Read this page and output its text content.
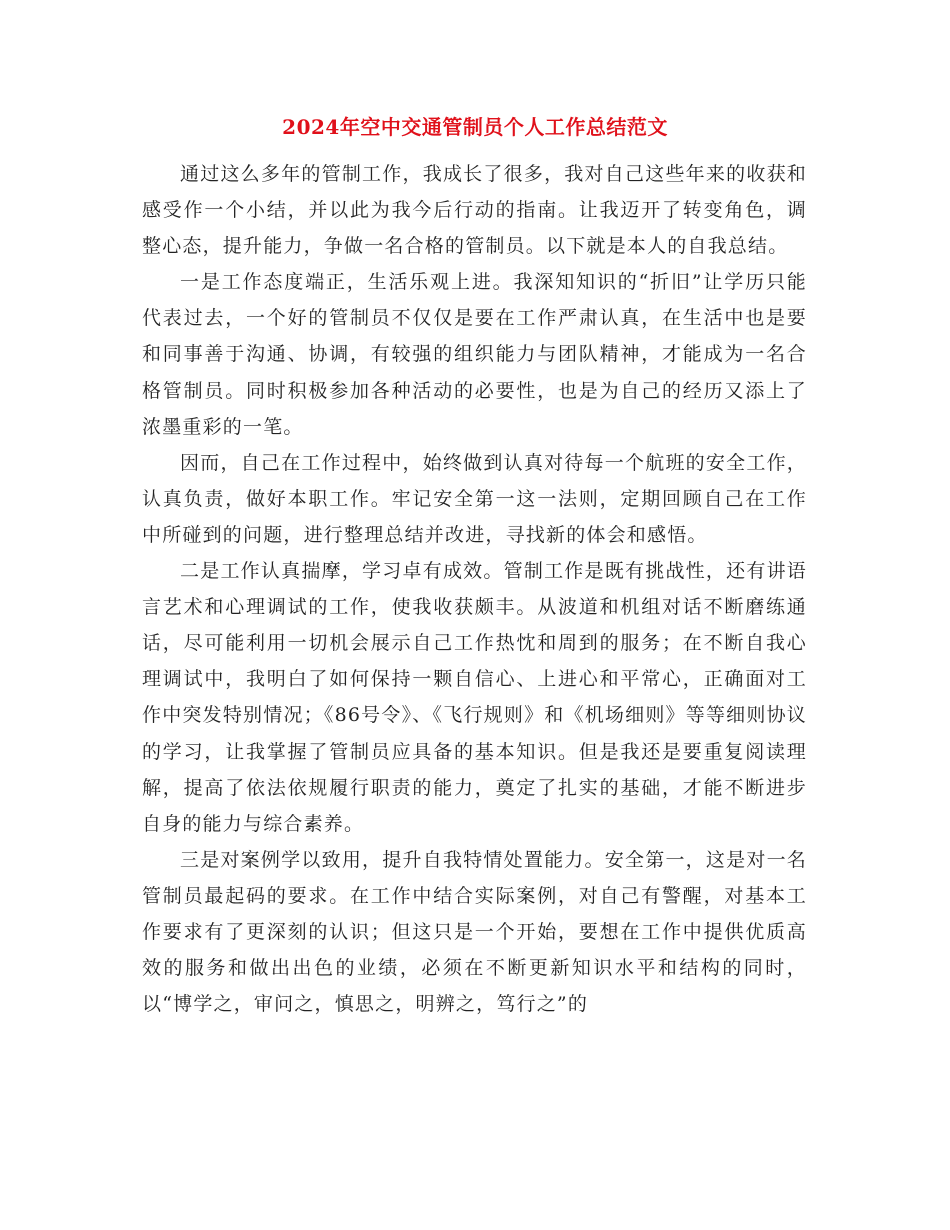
2024年空中交通管制员个人工作总结范文

通过这么多年的管制工作，我成长了很多，我对自己这些年来的收获和感受作一个小结，并以此为我今后行动的指南。让我迈开了转变角色，调整心态，提升能力，争做一名合格的管制员。以下就是本人的自我总结。

一是工作态度端正，生活乐观上进。我深知知识的“折旧”让学历只能代表过去，一个好的管制员不仅仅是要在工作严肃认真，在生活中也是要和同事善于沟通、协调，有较强的组织能力与团队精神，才能成为一名合格管制员。同时积极参加各种活动的必要性，也是为自己的经历又添上了浓墨重彩的一笔。

因而，自己在工作过程中，始终做到认真对待每一个航班的安全工作，认真负责，做好本职工作。牢记安全第一这一法则，定期回顾自己在工作中所碰到的问题，进行整理总结并改进，寻找新的体会和感悟。

二是工作认真揣摩，学习卓有成效。管制工作是既有挑战性，还有讲语言艺术和心理调试的工作，使我收获颇丰。从波道和机组对话不断磨练通话，尽可能利用一切机会展示自己工作热忱和周到的服务；在不断自我心理调试中，我明白了如何保持一颗自信心、上进心和平常心，正确面对工作中突发特别情况；《86号令》、《飞行规则》和《机场细则》等等细则协议的学习，让我掌握了管制员应具备的基本知识。但是我还是要重复阅读理解，提高了依法依规履行职责的能力，奠定了扎实的基础，才能不断进步自身的能力与综合素养。

三是对案例学以致用，提升自我特情处置能力。安全第一，这是对一名管制员最起码的要求。在工作中结合实际案例，对自己有警醒，对基本工作要求有了更深刻的认识；但这只是一个开始，要想在工作中提供优质高效的服务和做出出色的业绩，必须在不断更新知识水平和结构的同时，以“博学之，审问之，慎思之，明辨之，笃行之”的
